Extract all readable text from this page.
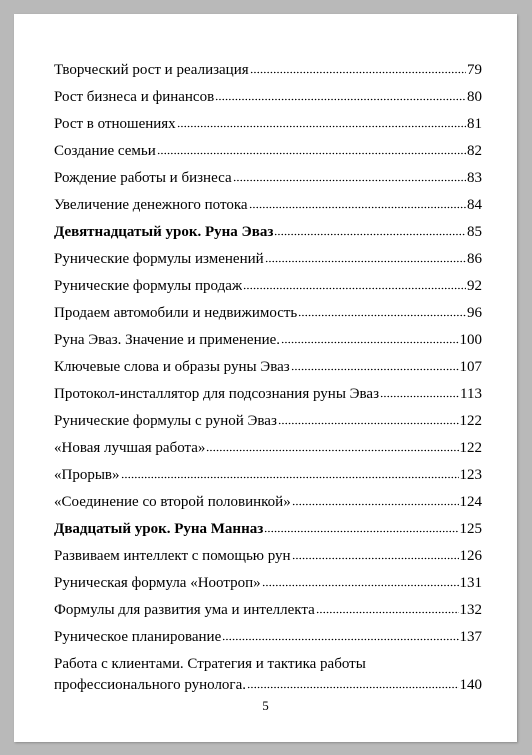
Творческий рост и реализация	79
Рост бизнеса и финансов	80
Рост в отношениях	81
Создание семьи	82
Рождение работы и бизнеса	83
Увеличение денежного потока	84
Девятнадцатый урок. Руна Эваз	85
Рунические формулы изменений	86
Рунические формулы продаж	92
Продаем автомобили и недвижимость	96
Руна Эваз. Значение и применение.	100
Ключевые слова и образы руны Эваз	107
Протокол-инсталлятор для подсознания руны Эваз	113
Рунические формулы с руной Эваз	122
«Новая лучшая работа»	122
«Прорыв»	123
«Соединение со второй половинкой»	124
Двадцатый урок. Руна Манназ	125
Развиваем интеллект с помощью рун	126
Руническая формула «Ноотроп»	131
Формулы для развития ума и интеллекта	132
Руническое планирование	137
Работа с клиентами. Стратегия и тактика работы
профессионального рунолога.	140
5
